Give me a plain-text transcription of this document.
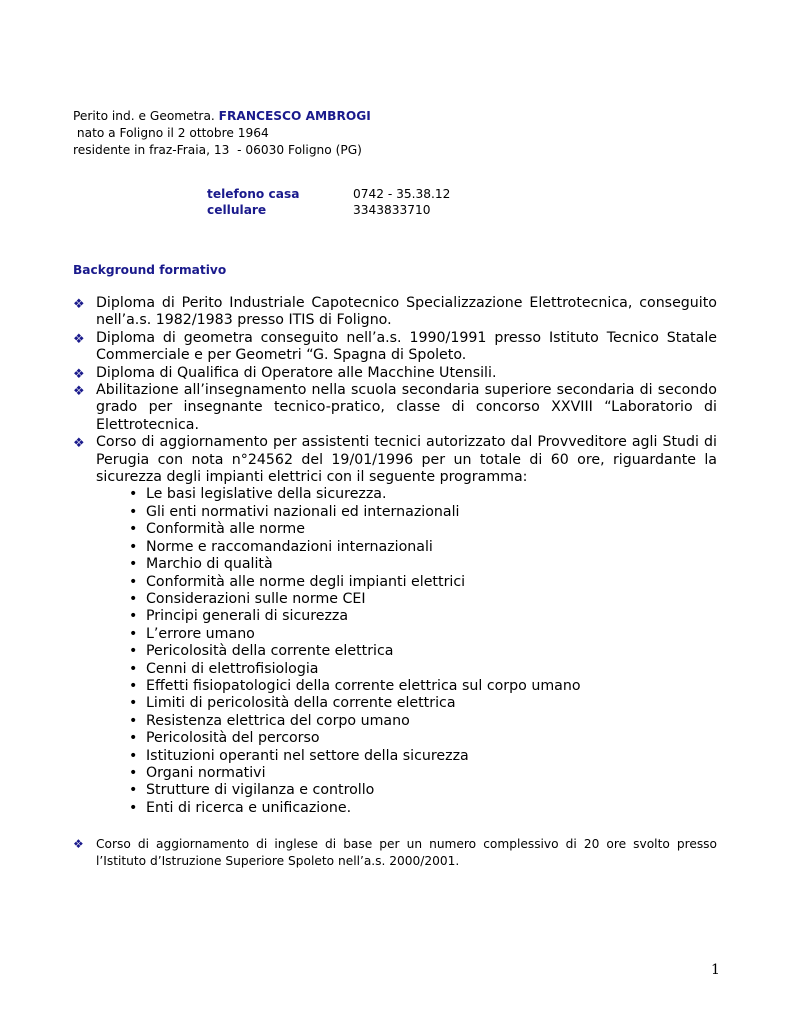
Perito ind. e Geometra. FRANCESCO AMBROGI
nato a Foligno il 2 ottobre 1964
residente in fraz-Fraia, 13  - 06030 Foligno (PG)
telefono casa	0742 - 35.38.12
cellulare	3343833710
Background formativo
❖ Diploma di Perito Industriale Capotecnico Specializzazione Elettrotecnica, conseguito nell’a.s. 1982/1983 presso ITIS di Foligno.
❖ Diploma di geometra conseguito nell’a.s. 1990/1991 presso Istituto Tecnico Statale Commerciale e per Geometri “G. Spagna di Spoleto.
❖ Diploma di Qualifica di Operatore alle Macchine Utensili.
❖ Abilitazione all’insegnamento nella scuola secondaria superiore secondaria di secondo grado per insegnante tecnico-pratico, classe di concorso XXVIII “Laboratorio di Elettrotecnica.
❖ Corso di aggiornamento per assistenti tecnici autorizzato dal Provveditore agli Studi di Perugia con nota n°24562 del 19/01/1996 per un totale di 60 ore, riguardante la sicurezza degli impianti elettrici con il seguente programma:
• Le basi legislative della sicurezza.
• Gli enti normativi nazionali ed internazionali
• Conformità alle norme
• Norme e raccomandazioni internazionali
• Marchio di qualità
• Conformità alle norme degli impianti elettrici
• Considerazioni sulle norme CEI
• Principi generali di sicurezza
• L’errore umano
• Pericolosità della corrente elettrica
• Cenni di elettrofisiologia
• Effetti fisiopatologici della corrente elettrica sul corpo umano
• Limiti di pericolosità della corrente elettrica
• Resistenza elettrica del corpo umano
• Pericolosità del percorso
• Istituzioni operanti nel settore della sicurezza
• Organi normativi
• Strutture di vigilanza e controllo
• Enti di ricerca e unificazione.
❖ Corso di aggiornamento di inglese di base per un numero complessivo di 20 ore svolto presso l’Istituto d’Istruzione Superiore Spoleto nell’a.s. 2000/2001.
1
